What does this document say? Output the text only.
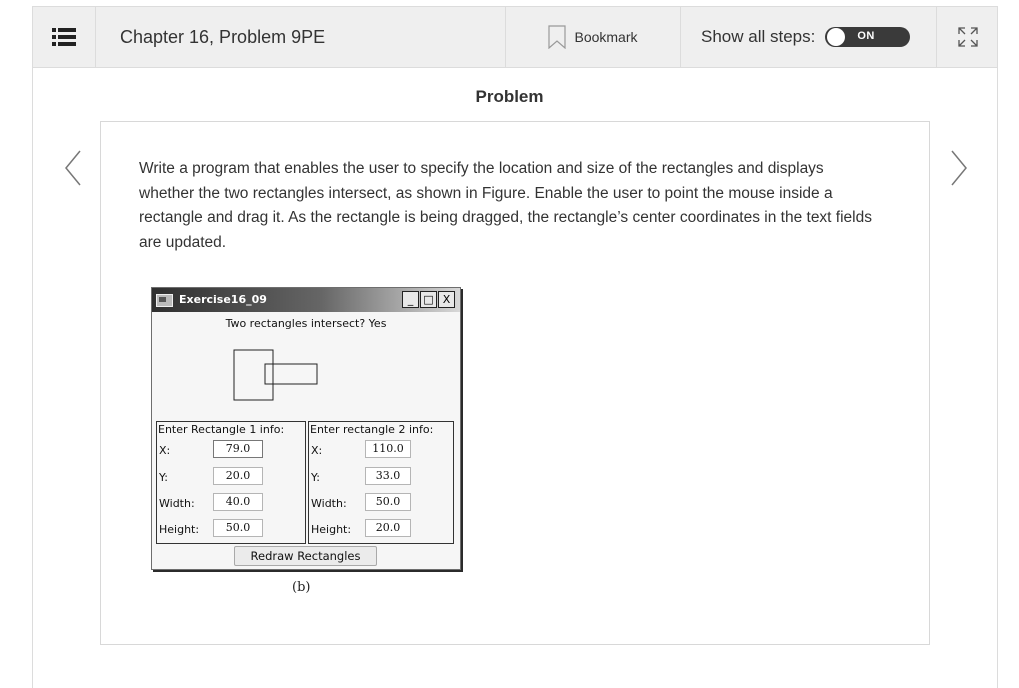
Chapter 16, Problem 9PE	Bookmark	Show all steps:	ON
Problem
Write a program that enables the user to specify the location and size of the rectangles and displays whether the two rectangles intersect, as shown in Figure. Enable the user to point the mouse inside a rectangle and drag it. As the rectangle is being dragged, the rectangle’s center coordinates in the text fields are updated.
Exercise16_09	_ □ X
Two rectangles intersect? Yes
Enter Rectangle 1 info:
X:	79.0
Y:	20.0
Width:	40.0
Height:	50.0
Enter rectangle 2 info:
X:	110.0
Y:	33.0
Width:	50.0
Height:	20.0
Redraw Rectangles
(b)
